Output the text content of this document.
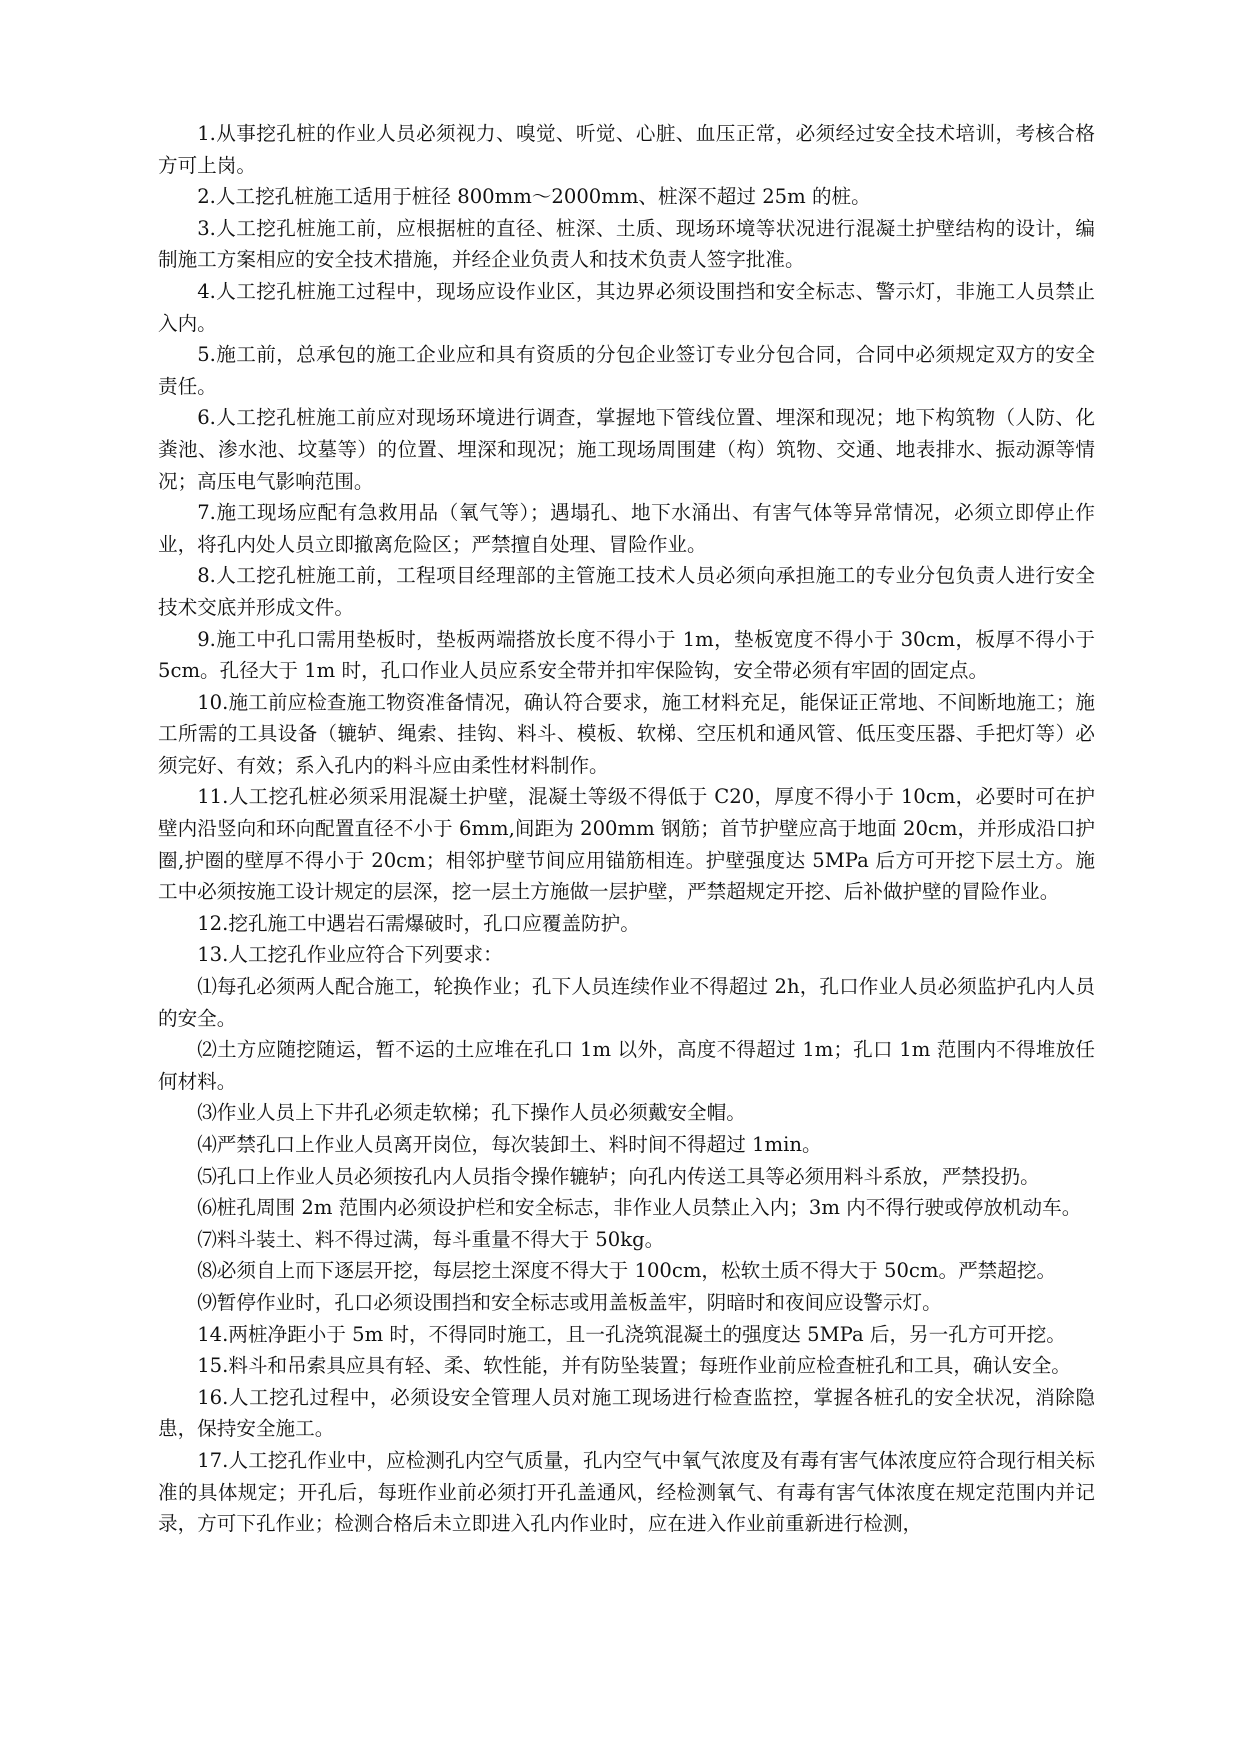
1.从事挖孔桩的作业人员必须视力、嗅觉、听觉、心脏、血压正常，必须经过安全技术培训，考核合格方可上岗。

2.人工挖孔桩施工适用于桩径 800mm～2000mm、桩深不超过 25m 的桩。

3.人工挖孔桩施工前，应根据桩的直径、桩深、土质、现场环境等状况进行混凝土护壁结构的设计，编制施工方案相应的安全技术措施，并经企业负责人和技术负责人签字批准。

4.人工挖孔桩施工过程中，现场应设作业区，其边界必须设围挡和安全标志、警示灯，非施工人员禁止入内。

5.施工前，总承包的施工企业应和具有资质的分包企业签订专业分包合同，合同中必须规定双方的安全责任。

6.人工挖孔桩施工前应对现场环境进行调查，掌握地下管线位置、埋深和现况；地下构筑物（人防、化粪池、渗水池、坟墓等）的位置、埋深和现况；施工现场周围建（构）筑物、交通、地表排水、振动源等情况；高压电气影响范围。

7.施工现场应配有急救用品（氧气等）；遇塌孔、地下水涌出、有害气体等异常情况，必须立即停止作业，将孔内处人员立即撤离危险区；严禁擅自处理、冒险作业。

8.人工挖孔桩施工前，工程项目经理部的主管施工技术人员必须向承担施工的专业分包负责人进行安全技术交底并形成文件。

9.施工中孔口需用垫板时，垫板两端搭放长度不得小于 1m，垫板宽度不得小于 30cm，板厚不得小于 5cm。孔径大于 1m 时，孔口作业人员应系安全带并扣牢保险钩，安全带必须有牢固的固定点。

10.施工前应检查施工物资准备情况，确认符合要求，施工材料充足，能保证正常地、不间断地施工；施工所需的工具设备（辘轳、绳索、挂钩、料斗、模板、软梯、空压机和通风管、低压变压器、手把灯等）必须完好、有效；系入孔内的料斗应由柔性材料制作。

11.人工挖孔桩必须采用混凝土护壁，混凝土等级不得低于 C20，厚度不得小于 10cm，必要时可在护壁内沿竖向和环向配置直径不小于 6mm,间距为 200mm 钢筋；首节护壁应高于地面 20cm，并形成沿口护圈,护圈的壁厚不得小于 20cm；相邻护壁节间应用锚筋相连。护壁强度达 5MPa 后方可开挖下层土方。施工中必须按施工设计规定的层深，挖一层土方施做一层护壁，严禁超规定开挖、后补做护壁的冒险作业。

12.挖孔施工中遇岩石需爆破时，孔口应覆盖防护。

13.人工挖孔作业应符合下列要求：

⑴每孔必须两人配合施工，轮换作业；孔下人员连续作业不得超过 2h，孔口作业人员必须监护孔内人员的安全。

⑵土方应随挖随运，暂不运的土应堆在孔口 1m 以外，高度不得超过 1m；孔口 1m 范围内不得堆放任何材料。

⑶作业人员上下井孔必须走软梯；孔下操作人员必须戴安全帽。

⑷严禁孔口上作业人员离开岗位，每次装卸土、料时间不得超过 1min。

⑸孔口上作业人员必须按孔内人员指令操作辘轳；向孔内传送工具等必须用料斗系放，严禁投扔。

⑹桩孔周围 2m 范围内必须设护栏和安全标志，非作业人员禁止入内；3m 内不得行驶或停放机动车。

⑺料斗装土、料不得过满，每斗重量不得大于 50kg。

⑻必须自上而下逐层开挖，每层挖土深度不得大于 100cm，松软土质不得大于 50cm。严禁超挖。

⑼暂停作业时，孔口必须设围挡和安全标志或用盖板盖牢，阴暗时和夜间应设警示灯。

14.两桩净距小于 5m 时，不得同时施工，且一孔浇筑混凝土的强度达 5MPa 后，另一孔方可开挖。

15.料斗和吊索具应具有轻、柔、软性能，并有防坠装置；每班作业前应检查桩孔和工具，确认安全。

16.人工挖孔过程中，必须设安全管理人员对施工现场进行检查监控，掌握各桩孔的安全状况，消除隐患，保持安全施工。

17.人工挖孔作业中，应检测孔内空气质量，孔内空气中氧气浓度及有毒有害气体浓度应符合现行相关标准的具体规定；开孔后，每班作业前必须打开孔盖通风，经检测氧气、有毒有害气体浓度在规定范围内并记录，方可下孔作业；检测合格后未立即进入孔内作业时，应在进入作业前重新进行检测，
